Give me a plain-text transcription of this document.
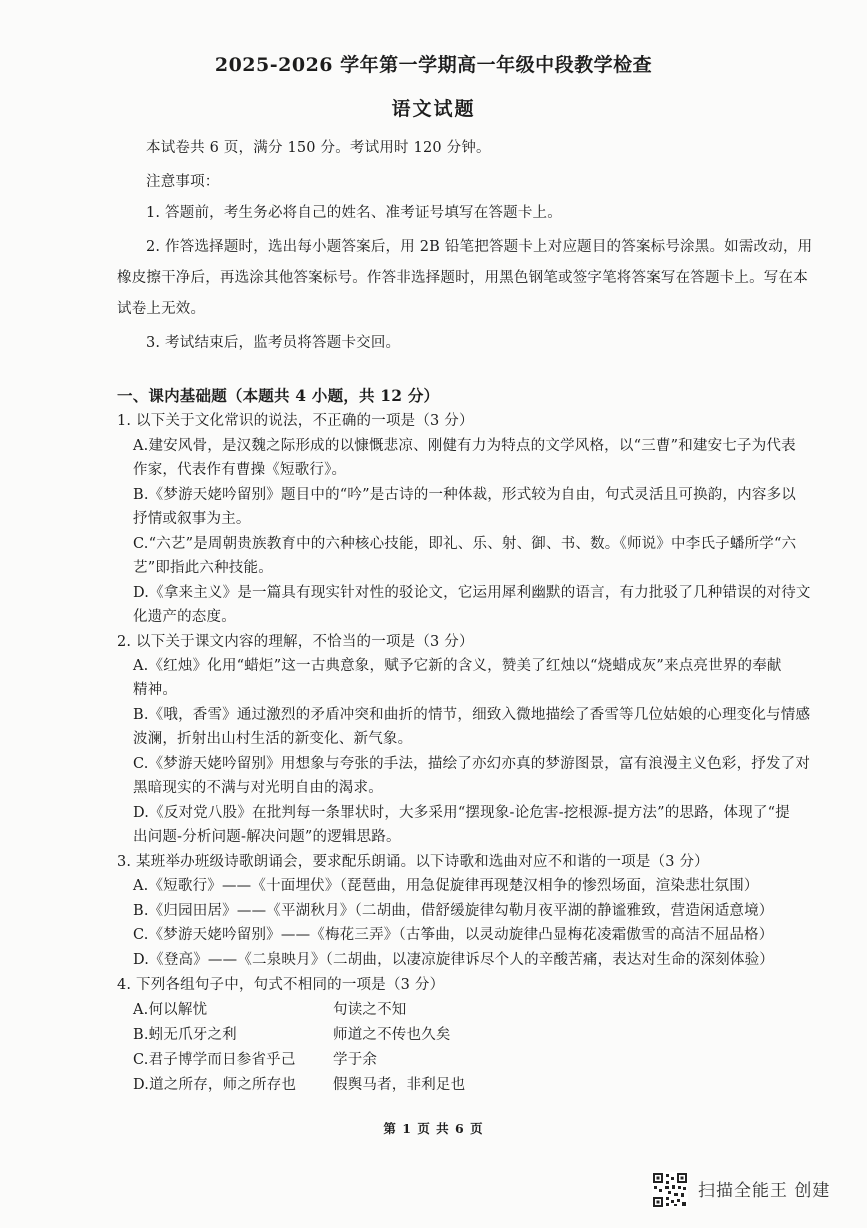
2025-2026 学年第一学期高一年级中段教学检查
语文试题
本试卷共 6 页，满分 150 分。考试用时 120 分钟。
注意事项：
1. 答题前，考生务必将自己的姓名、准考证号填写在答题卡上。
2. 作答选择题时，选出每小题答案后，用 2B 铅笔把答题卡上对应题目的答案标号涂黑。如需改动，用
橡皮擦干净后，再选涂其他答案标号。作答非选择题时，用黑色钢笔或签字笔将答案写在答题卡上。写在本
试卷上无效。
3. 考试结束后，监考员将答题卡交回。
一、课内基础题（本题共 4 小题，共 12 分）
1. 以下关于文化常识的说法，不正确的一项是（3 分）
A.建安风骨，是汉魏之际形成的以慷慨悲凉、刚健有力为特点的文学风格，以“三曹”和建安七子为代表
作家，代表作有曹操《短歌行》。
B.《梦游天姥吟留别》题目中的“吟”是古诗的一种体裁，形式较为自由，句式灵活且可换韵，内容多以
抒情或叙事为主。
C.“六艺”是周朝贵族教育中的六种核心技能，即礼、乐、射、御、书、数。《师说》中李氏子蟠所学“六
艺”即指此六种技能。
D.《拿来主义》是一篇具有现实针对性的驳论文，它运用犀利幽默的语言，有力批驳了几种错误的对待文
化遗产的态度。
2. 以下关于课文内容的理解，不恰当的一项是（3 分）
A.《红烛》化用“蜡炬”这一古典意象，赋予它新的含义，赞美了红烛以“烧蜡成灰”来点亮世界的奉献
精神。
B.《哦，香雪》通过激烈的矛盾冲突和曲折的情节，细致入微地描绘了香雪等几位姑娘的心理变化与情感
波澜，折射出山村生活的新变化、新气象。
C.《梦游天姥吟留别》用想象与夸张的手法，描绘了亦幻亦真的梦游图景，富有浪漫主义色彩，抒发了对
黑暗现实的不满与对光明自由的渴求。
D.《反对党八股》在批判每一条罪状时，大多采用“摆现象-论危害-挖根源-提方法”的思路，体现了“提
出问题-分析问题-解决问题”的逻辑思路。
3. 某班举办班级诗歌朗诵会，要求配乐朗诵。以下诗歌和选曲对应不和谐的一项是（3 分）
A.《短歌行》——《十面埋伏》（琵琶曲，用急促旋律再现楚汉相争的惨烈场面，渲染悲壮氛围）
B.《归园田居》——《平湖秋月》（二胡曲，借舒缓旋律勾勒月夜平湖的静谧雅致，营造闲适意境）
C.《梦游天姥吟留别》——《梅花三弄》（古筝曲，以灵动旋律凸显梅花凌霜傲雪的高洁不屈品格）
D.《登高》——《二泉映月》（二胡曲，以凄凉旋律诉尽个人的辛酸苦痛，表达对生命的深刻体验）
4. 下列各组句子中，句式不相同的一项是（3 分）
A.何以解忧	句读之不知
B.蚓无爪牙之利	师道之不传也久矣
C.君子博学而日参省乎己	学于余
D.道之所存，师之所存也	假舆马者，非利足也
第 1 页 共 6 页
扫描全能王 创建
